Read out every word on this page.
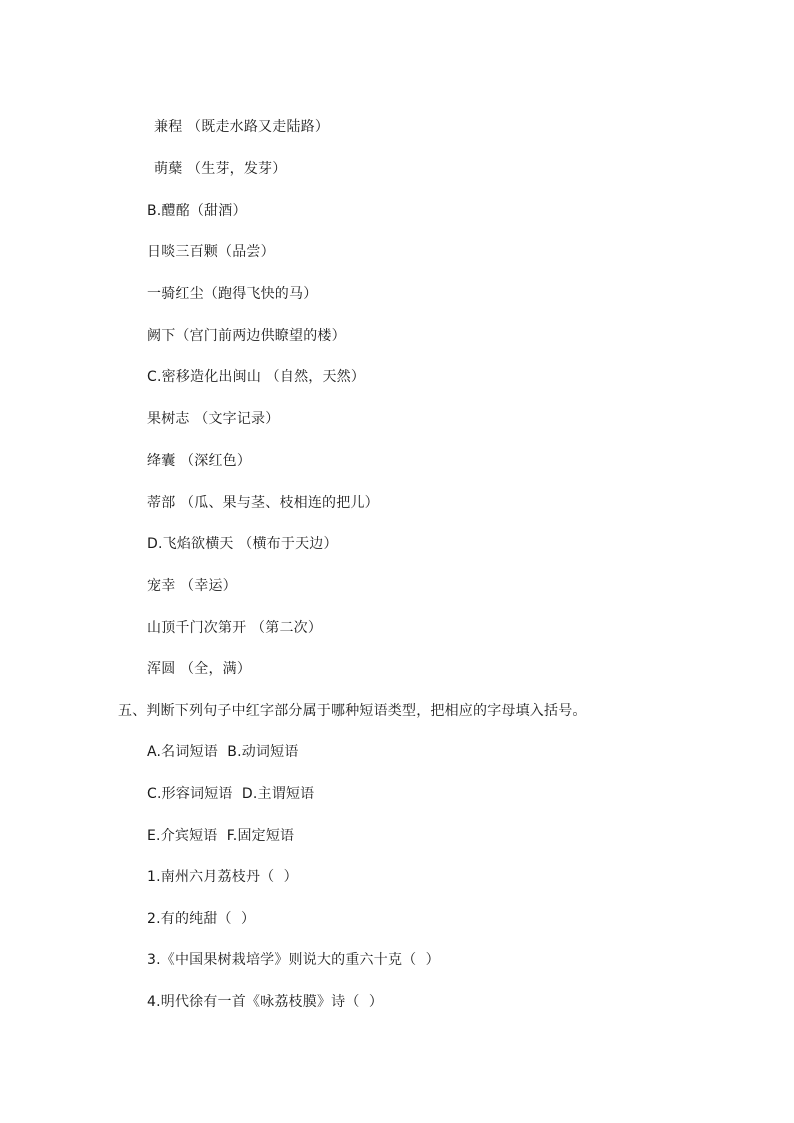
兼程 （既走水路又走陆路）
萌蘖 （生芽，发芽）
B.醴酩（甜酒）
日啖三百颗（品尝）
一骑红尘（跑得飞快的马）
阙下（宫门前两边供瞭望的楼）
C.密移造化出闽山 （自然，天然）
果树志 （文字记录）
绛囊 （深红色）
蒂部 （瓜、果与茎、枝相连的把儿）
D.飞焰欲横天 （横布于天边）
宠幸 （幸运）
山顶千门次第开 （第二次）
浑圆 （全，满）
五、判断下列句子中红字部分属于哪种短语类型，把相应的字母填入括号。
A.名词短语  B.动词短语
C.形容词短语  D.主谓短语
E.介宾短语  F.固定短语
1.南州六月荔枝丹（  ）
2.有的纯甜（  ）
3.《中国果树栽培学》则说大的重六十克（  ）
4.明代徐有一首《咏荔枝膜》诗（  ）
